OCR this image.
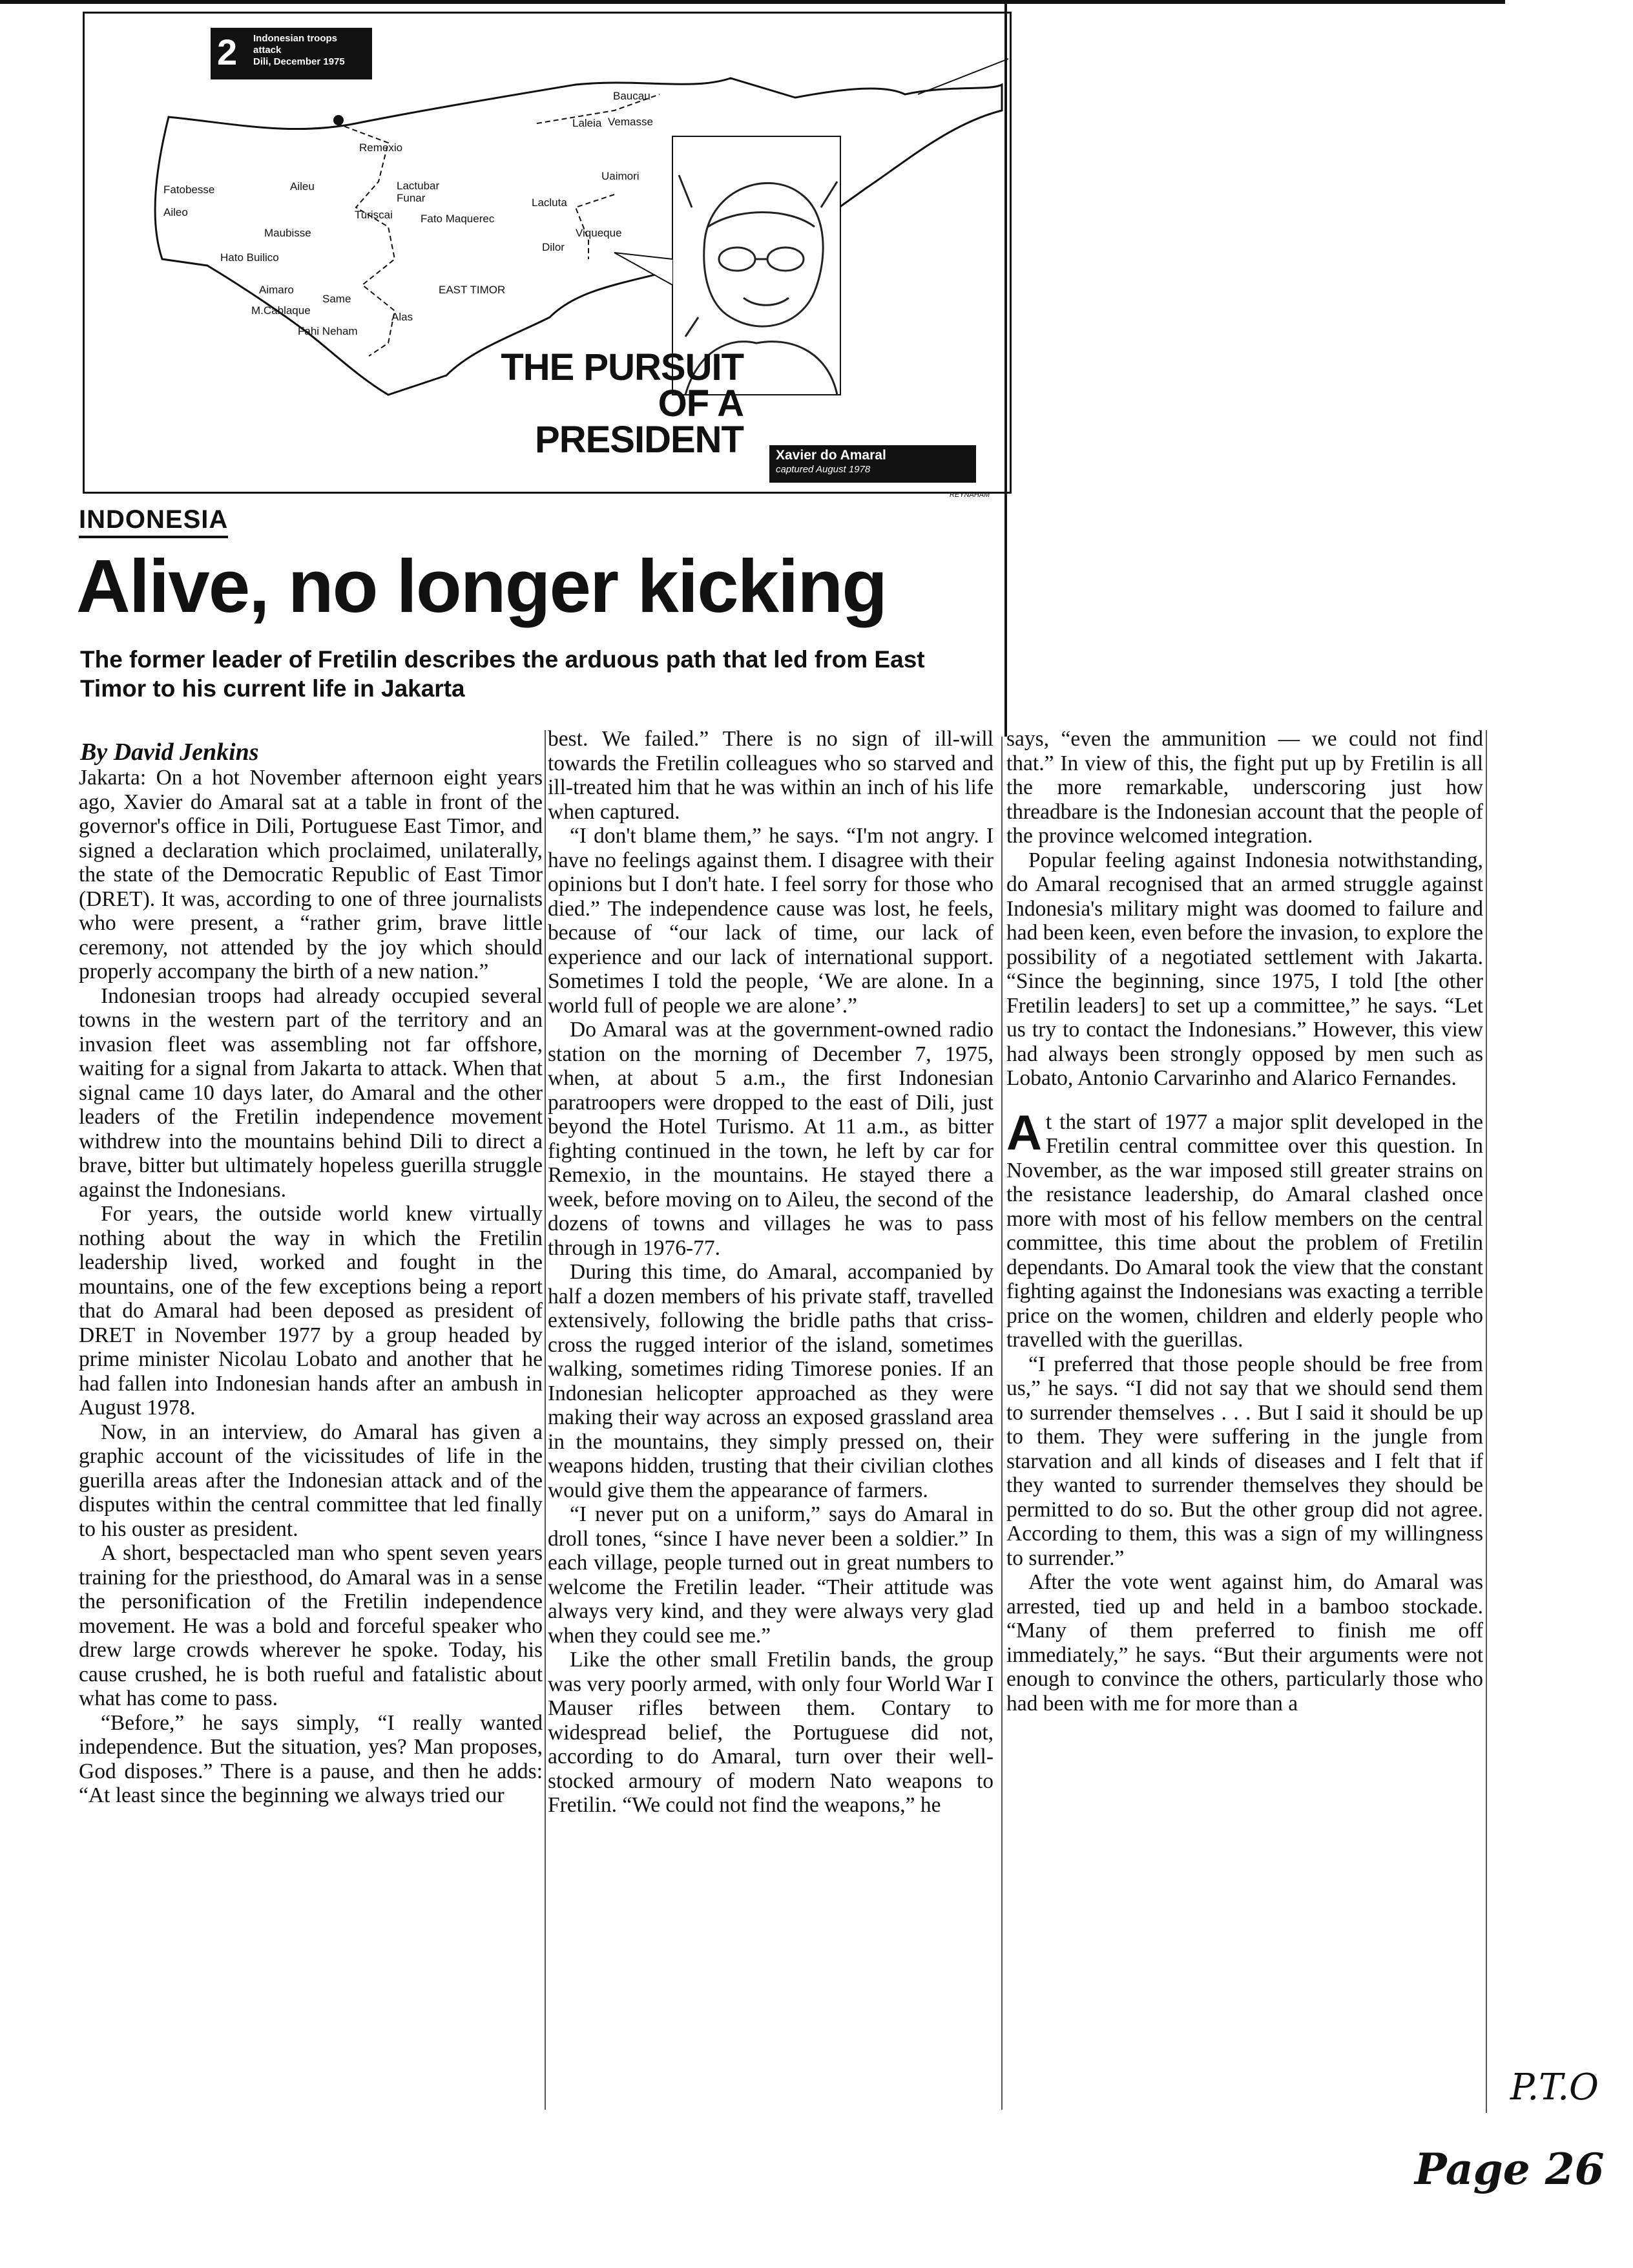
2 Indonesian troops attack
Dili, December 1975
Baucau
Laleia Vemasse
Remexio
Uaimori
Lacluta
Lactubar
Funar
Aileu
Fatobesse
Aileo	Turiscai	Fato Maquerec
Viqueque
Maubisse
Dilor
Hato Builico
Aimaro
Same
EAST TIMOR
M.Cablaque
Alas
Fahi Neham
THE PURSUIT
OF A
PRESIDENT Xavier do Amaral
captured August 1978
REYNAHAM
INDONESIA
Alive, no longer kicking
The former leader of Fretilin describes the arduous path that led from East Timor to his current life in Jakarta
By David Jenkins

Jakarta: On a hot November afternoon eight years ago, Xavier do Amaral sat at a table in front of the governor's office in Dili, Portuguese East Timor, and signed a declaration which proclaimed, unilaterally, the state of the Democratic Republic of East Timor (DRET). It was, according to one of three journalists who were present, a “rather grim, brave little ceremony, not attended by the joy which should properly accompany the birth of a new nation.”

Indonesian troops had already occupied several towns in the western part of the territory and an invasion fleet was assembling not far offshore, waiting for a signal from Jakarta to attack. When that signal came 10 days later, do Amaral and the other leaders of the Fretilin independence movement withdrew into the mountains behind Dili to direct a brave, bitter but ultimately hopeless guerilla struggle against the Indonesians.

For years, the outside world knew virtually nothing about the way in which the Fretilin leadership lived, worked and fought in the mountains, one of the few exceptions being a report that do Amaral had been deposed as president of DRET in November 1977 by a group headed by prime minister Nicolau Lobato and another that he had fallen into Indonesian hands after an ambush in August 1978.

Now, in an interview, do Amaral has given a graphic account of the vicissitudes of life in the guerilla areas after the Indonesian attack and of the disputes within the central committee that led finally to his ouster as president.

A short, bespectacled man who spent seven years training for the priesthood, do Amaral was in a sense the personification of the Fretilin independence movement. He was a bold and forceful speaker who drew large crowds wherever he spoke. Today, his cause crushed, he is both rueful and fatalistic about what has come to pass.

“Before,” he says simply, “I really wanted independence. But the situation, yes? Man proposes, God disposes.” There is a pause, and then he adds: “At least since the beginning we always tried our

best. We failed.” There is no sign of ill-will towards the Fretilin colleagues who so starved and ill-treated him that he was within an inch of his life when captured.

“I don't blame them,” he says. “I'm not angry. I have no feelings against them. I disagree with their opinions but I don't hate. I feel sorry for those who died.” The independence cause was lost, he feels, because of “our lack of time, our lack of experience and our lack of international support. Sometimes I told the people, ‘We are alone. In a world full of people we are alone’.”

Do Amaral was at the government-owned radio station on the morning of December 7, 1975, when, at about 5 a.m., the first Indonesian paratroopers were dropped to the east of Dili, just beyond the Hotel Turismo. At 11 a.m., as bitter fighting continued in the town, he left by car for Remexio, in the mountains. He stayed there a week, before moving on to Aileu, the second of the dozens of towns and villages he was to pass through in 1976-77.

During this time, do Amaral, accompanied by half a dozen members of his private staff, travelled extensively, following the bridle paths that criss-cross the rugged interior of the island, sometimes walking, sometimes riding Timorese ponies. If an Indonesian helicopter approached as they were making their way across an exposed grassland area in the mountains, they simply pressed on, their weapons hidden, trusting that their civilian clothes would give them the appearance of farmers.

“I never put on a uniform,” says do Amaral in droll tones, “since I have never been a soldier.” In each village, people turned out in great numbers to welcome the Fretilin leader. “Their attitude was always very kind, and they were always very glad when they could see me.”

Like the other small Fretilin bands, the group was very poorly armed, with only four World War I Mauser rifles between them. Contary to widespread belief, the Portuguese did not, according to do Amaral, turn over their well-stocked armoury of modern Nato weapons to Fretilin. “We could not find the weapons,” he

says, “even the ammunition — we could not find that.” In view of this, the fight put up by Fretilin is all the more remarkable, underscoring just how threadbare is the Indonesian account that the people of the province welcomed integration.

Popular feeling against Indonesia notwithstanding, do Amaral recognised that an armed struggle against Indonesia's military might was doomed to failure and had been keen, even before the invasion, to explore the possibility of a negotiated settlement with Jakarta. “Since the beginning, since 1975, I told [the other Fretilin leaders] to set up a committee,” he says. “Let us try to contact the Indonesians.” However, this view had always been strongly opposed by men such as Lobato, Antonio Carvarinho and Alarico Fernandes.

At the start of 1977 a major split developed in the Fretilin central committee over this question. In November, as the war imposed still greater strains on the resistance leadership, do Amaral clashed once more with most of his fellow members on the central committee, this time about the problem of Fretilin dependants. Do Amaral took the view that the constant fighting against the Indonesians was exacting a terrible price on the women, children and elderly people who travelled with the guerillas.

“I preferred that those people should be free from us,” he says. “I did not say that we should send them to surrender themselves . . . But I said it should be up to them. They were suffering in the jungle from starvation and all kinds of diseases and I felt that if they wanted to surrender themselves they should be permitted to do so. But the other group did not agree. According to them, this was a sign of my willingness to surrender.”

After the vote went against him, do Amaral was arrested, tied up and held in a bamboo stockade. “Many of them preferred to finish me off immediately,” he says. “But their arguments were not enough to convince the others, particularly those who had been with me for more than a

P.T.O
Page 26
